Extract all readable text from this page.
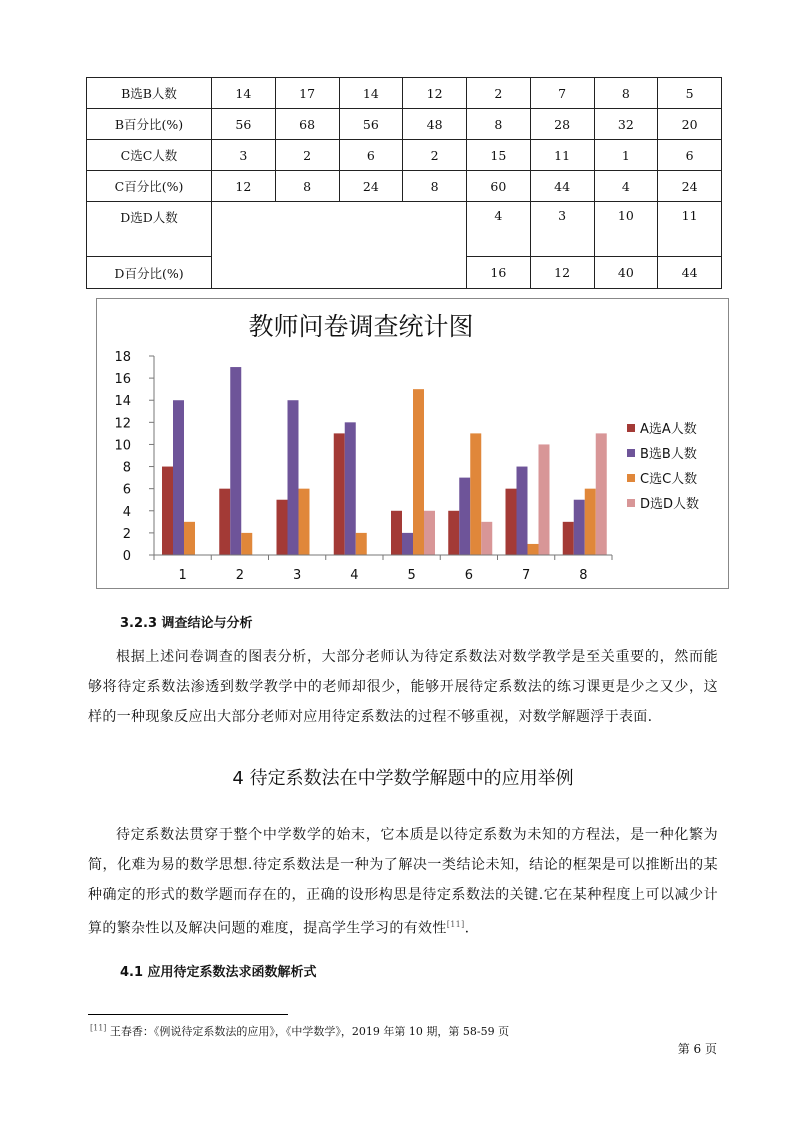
B选B人数	14	17	14	12	2	7	8	5
B百分比(%)	56	68	56	48	8	28	32	20
C选C人数	3	2	6	2	15	11	1	6
C百分比(%)	12	8	24	8	60	44	4	24
D选D人数					4	3	10	11
D百分比(%)					16	12	40	44
教师问卷调查统计图
0
2
4
6
8
10
12
14
16
18
1	2	3	4	5	6	7	8
A选A人数
B选B人数
C选C人数
D选D人数
3.2.3 调查结论与分析
根据上述问卷调查的图表分析，大部分老师认为待定系数法对数学教学是至关重要的，然而能够将待定系数法渗透到数学教学中的老师却很少，能够开展待定系数法的练习课更是少之又少，这样的一种现象反应出大部分老师对应用待定系数法的过程不够重视，对数学解题浮于表面.
4 待定系数法在中学数学解题中的应用举例
待定系数法贯穿于整个中学数学的始末，它本质是以待定系数为未知的方程法，是一种化繁为简，化难为易的数学思想.待定系数法是一种为了解决一类结论未知，结论的框架是可以推断出的某种确定的形式的数学题而存在的，正确的设形构思是待定系数法的关键.它在某种程度上可以减少计算的繁杂性以及解决问题的难度，提高学生学习的有效性[11].
4.1 应用待定系数法求函数解析式
[11] 王春香：《例说待定系数法的应用》，《中学数学》，2019 年第 10 期，第 58-59 页
第 6 页
